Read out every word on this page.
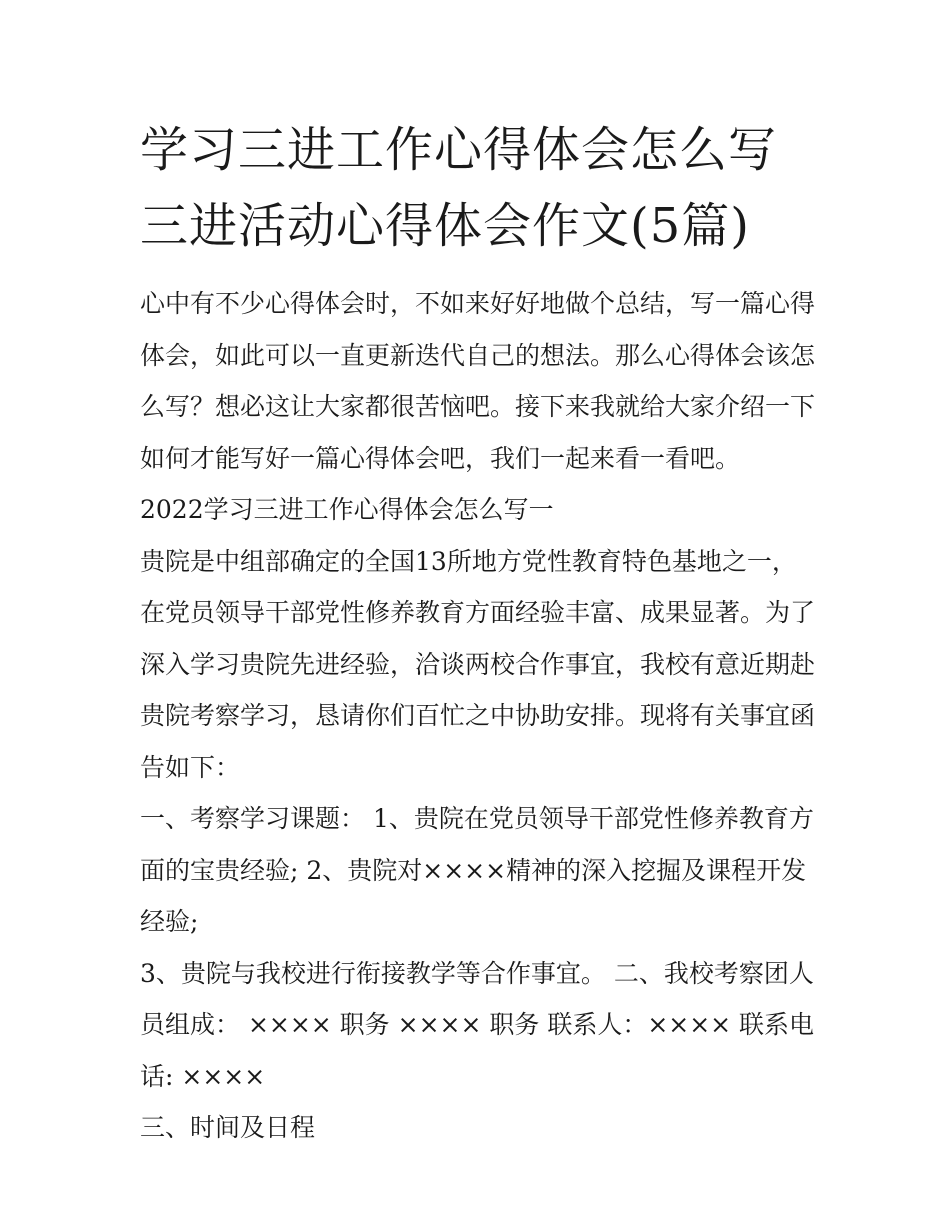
学习三进工作心得体会怎么写
三进活动心得体会作文(5篇)
心中有不少心得体会时，不如来好好地做个总结，写一篇心得体会，如此可以一直更新迭代自己的想法。那么心得体会该怎么写？想必这让大家都很苦恼吧。接下来我就给大家介绍一下如何才能写好一篇心得体会吧，我们一起来看一看吧。
2022学习三进工作心得体会怎么写一
贵院是中组部确定的全国13所地方党性教育特色基地之一，
在党员领导干部党性修养教育方面经验丰富、成果显著。为了深入学习贵院先进经验，洽谈两校合作事宜，我校有意近期赴贵院考察学习，恳请你们百忙之中协助安排。现将有关事宜函告如下：
一、考察学习课题： 1、贵院在党员领导干部党性修养教育方面的宝贵经验; 2、贵院对××××精神的深入挖掘及课程开发经验;
3、贵院与我校进行衔接教学等合作事宜。 二、我校考察团人员组成： ×××× 职务 ×××× 职务 联系人：×××× 联系电话: ××××
三、时间及日程
